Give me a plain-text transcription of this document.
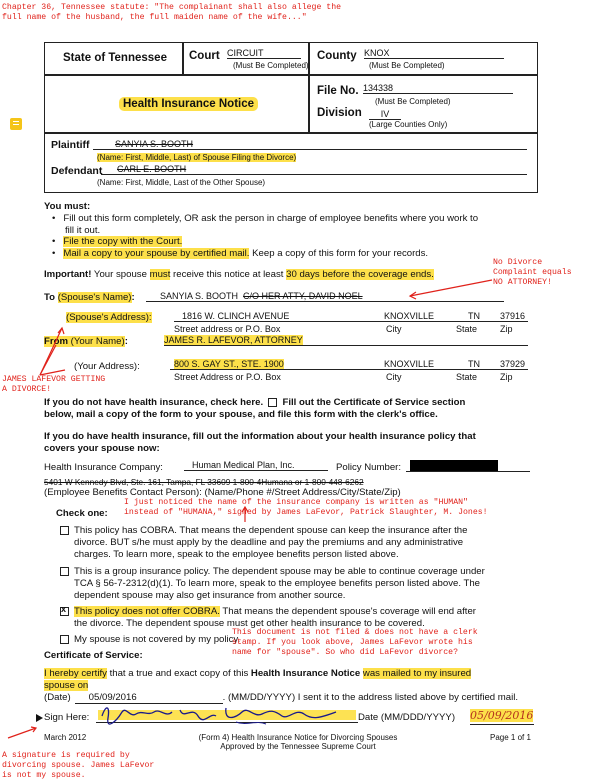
Chapter 36, Tennessee statute: "The complainant shall also allege the
full name of the husband, the full maiden name of the wife..."
State of Tennessee Court CIRCUIT
(Must Be Completed)
County KNOX
(Must Be Completed)
Health Insurance Notice
File No. 134338
(Must Be Completed)
Division	IV
(Large Counties Only)
Plaintiff	SANYIA S. BOOTH
(Name: First, Middle, Last) of Spouse Filing the Divorce)
Defendant	CARL E. BOOTH
(Name: First, Middle, Last of the Other Spouse)
You must:
•   Fill out this form completely, OR ask the person in charge of employee benefits where you work to
fill it out.
•   File the copy with the Court.
•   Mail a copy to your spouse by certified mail. Keep a copy of this form for your records.
Important! Your spouse must receive this notice at least 30 days before the coverage ends.
No Divorce
Complaint equals
NO ATTORNEY!
To (Spouse's Name):	SANYIA S. BOOTH C/O HER ATTY, DAVID NOEL
(Spouse's Address):	1816 W. CLINCH AVENUE	KNOXVILLE	TN 37916

Street address or P.O. Box	City	State	Zip
From (Your Name):	JAMES R. LAFEVOR, ATTORNEY
(Your Address):	800 S. GAY ST., STE. 1900	KNOXVILLE	TN 37929

Street Address or P.O. Box	City	State	Zip
JAMES LAFEVOR GETTING
A DIVORCE!
If you do not have health insurance, check here. Fill out the Certificate of Service section
below, mail a copy of the form to your spouse, and file this form with the clerk's office.
If you do have health insurance, fill out the information about your health insurance policy that
covers your spouse now:
Health Insurance Company:	Human Medical Plan, Inc.	Policy Number:
5401 W Kennedy Blvd, Ste. 161, Tampa, FL 33609 1-800-4Humana or 1-800-448-6262
(Employee Benefits Contact Person): (Name/Phone #/Street Address/City/State/Zip)
I just noticed the name of the insurance company is written as "HUMAN"
instead of "HUMANA," signed by James LaFevor, Patrick Slaughter, M. Jones!
Check one:
This policy has COBRA. That means the dependent spouse can keep the insurance after the
divorce. BUT s/he must apply by the deadline and pay the premiums and any administrative
charges. To learn more, speak to the employee benefits person listed above.
This is a group insurance policy. The dependent spouse may be able to continue coverage under
TCA § 56-7-2312(d)(1). To learn more, speak to the employee benefits person listed above. The
dependent spouse may also get insurance from another source.
x This policy does not offer COBRA. That means the dependent spouse's coverage will end after
the divorce. The dependent spouse must get other health insurance to be covered.
My spouse is not covered by my policy.
This document is not filed & does not have a clerk
stamp. If you look above, James LaFevor wrote his
name for "spouse". So who did LaFevor divorce?
Certificate of Service:
I hereby certify that a true and exact copy of this Health Insurance Notice was mailed to my insured
spouse on
(Date) 05/09/2016	. (MM/DD/YYYY) I sent it to the address listed above by certified mail.
Sign Here:	Date (MM/DDD/YYYY) 05/09/2016
March 2012	(Form 4) Health Insurance Notice for Divorcing Spouses
Approved by the Tennessee Supreme Court
Page 1 of 1
A signature is required by
divorcing spouse. James LaFevor
is not my spouse.
